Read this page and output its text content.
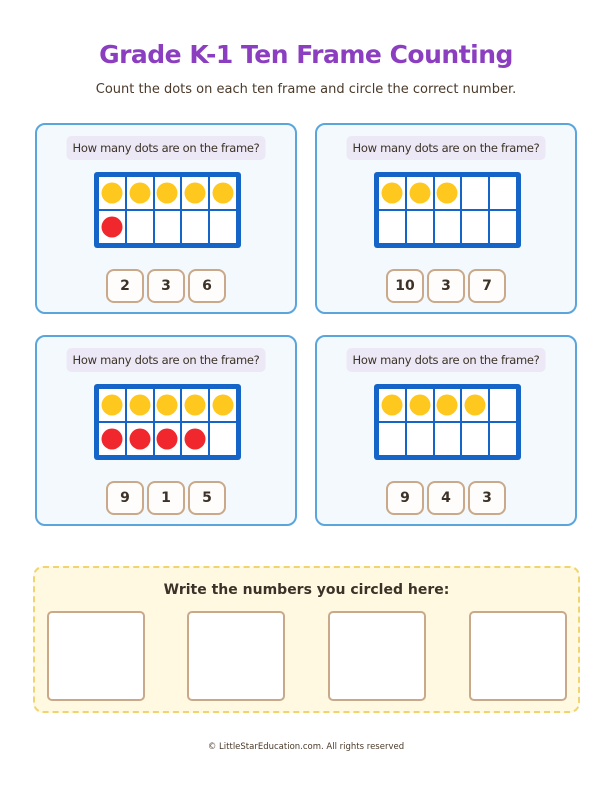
Grade K-1 Ten Frame Counting
Count the dots on each ten frame and circle the correct number.
How many dots are on the frame?
2	3	6
How many dots are on the frame?
10	3	7
How many dots are on the frame?
9	1	5
How many dots are on the frame?
9	4	3
Write the numbers you circled here:
© LittleStarEducation.com. All rights reserved
